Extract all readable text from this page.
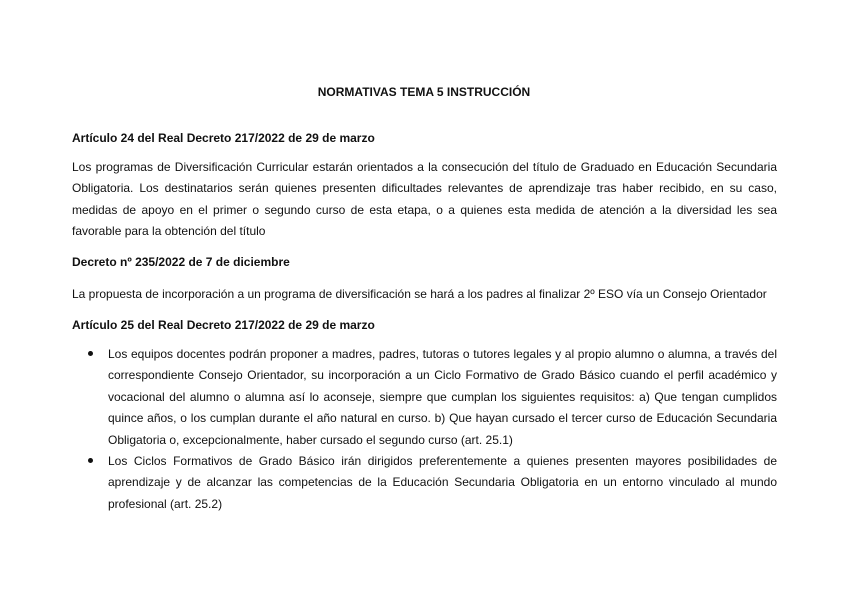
NORMATIVAS TEMA 5 INSTRUCCIÓN
Artículo 24 del Real Decreto 217/2022 de 29 de marzo
Los programas de Diversificación Curricular estarán orientados a la consecución del título de Graduado en Educación Secundaria Obligatoria. Los destinatarios serán quienes presenten dificultades relevantes de aprendizaje tras haber recibido, en su caso, medidas de apoyo en el primer o segundo curso de esta etapa, o a quienes esta medida de atención a la diversidad les sea favorable para la obtención del título
Decreto nº 235/2022 de 7 de diciembre
La propuesta de incorporación a un programa de diversificación se hará a los padres al finalizar 2º ESO vía un Consejo Orientador
Artículo 25 del Real Decreto 217/2022 de 29 de marzo
Los equipos docentes podrán proponer a madres, padres, tutoras o tutores legales y al propio alumno o alumna, a través del correspondiente Consejo Orientador, su incorporación a un Ciclo Formativo de Grado Básico cuando el perfil académico y vocacional del alumno o alumna así lo aconseje, siempre que cumplan los siguientes requisitos: a) Que tengan cumplidos quince años, o los cumplan durante el año natural en curso. b) Que hayan cursado el tercer curso de Educación Secundaria Obligatoria o, excepcionalmente, haber cursado el segundo curso (art. 25.1)
Los Ciclos Formativos de Grado Básico irán dirigidos preferentemente a quienes presenten mayores posibilidades de aprendizaje y de alcanzar las competencias de la Educación Secundaria Obligatoria en un entorno vinculado al mundo profesional (art. 25.2)
